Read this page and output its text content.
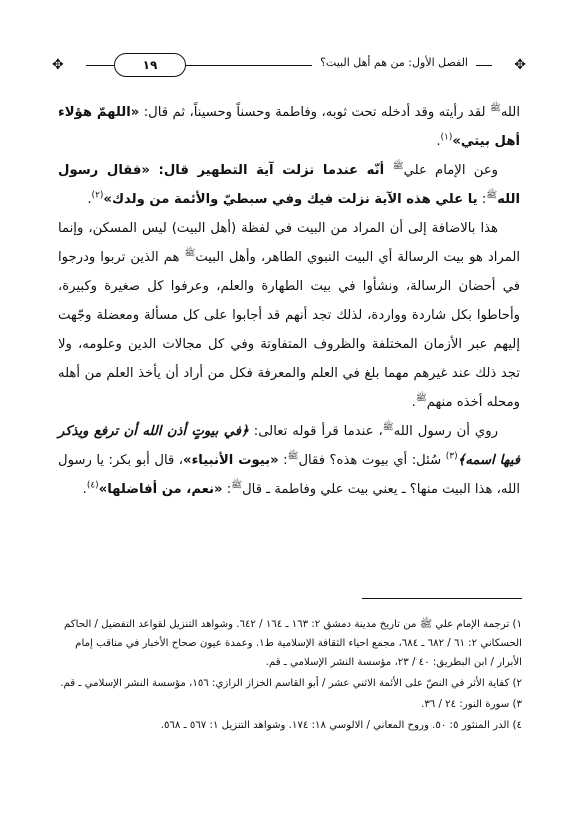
✥	✥
١٩	الفصل الأول: من هم أهل البيت؟

الله$^ﷺ$ لقد رأيته وقد أدخله تحت ثوبه، وفاطمة وحسناً وحسيناً، ثم قال: «اللهمّ هؤلاء أهل بيتي»$^{(١)}$.

وعن الإمام علي$^ﷺ$ أنّه عندما نزلت آية التطهير قال: «فقال رسول الله$^ﷺ$: يا علي هذه الآية نزلت فيك وفي سبطيّ والأئمة من ولدك»$^{(٢)}$.

هذا بالاضافة إلى أن المراد من البيت في لفظة (أهل البيت) ليس المسكن، وإنما المراد هو بيت الرسالة أي البيت النبوي الطاهر، وأهل البيت$^ﷺ$ هم الذين تربوا ودرجوا في أحضان الرسالة، ونشأوا في بيت الطهارة والعلم، وعرفوا كل صغيرة وكبيرة، وأحاطوا بكل شاردة وواردة، لذلك تجد أنهم قد أجابوا على كل مسألة ومعضلة وجّهت إليهم عبر الأزمان المختلفة والظروف المتفاوتة وفي كل مجالات الدين وعلومه، ولا تجد ذلك عند غيرهم مهما بلغ في العلم والمعرفة فكل من أراد أن يأخذ العلم من أهله ومحله أخذه منهم$^ﷺ$.

روي أن رسول الله$^ﷺ$، عندما قرأ قوله تعالى: ﴿في بيوتٍ أذن الله أن ترفع ويذكر فيها اسمه﴾$^{(٣)}$ سُئل: أي بيوت هذه؟ فقال$^ﷺ$: «بيوت الأنبياء»، قال أبو بكر: يا رسول الله، هذا البيت منها؟ ـ يعني بيت علي وفاطمة ـ قال$^ﷺ$: «نعم، من أفاضلها»$^{(٤)}$.

١) ترجمة الإمام علي ﷺ من تاريخ مدينة دمشق ٢: ١٦٣ ـ ١٦٤ / ٦٤٢. وشواهد التنزيل لقواعد التفضيل / الحاكم الحسكاني ٢: ٦١ / ٦٨٢ ـ ٦٨٤، مجمع احياء الثقافة الإسلامية ط١. وعمدة عيون صحاح الأخبار في مناقب إمام الأبرار / ابن البطريق: ٤٠ / ٢٣، مؤسسة النشر الإسلامي ـ قم.

٢) كفاية الأثر في النصّ على الأئمة الاثني عشر / أبو القاسم الخزاز الرازي: ١٥٦، مؤسسة النشر الإسلامي ـ قم.

٣) سورة النور: ٢٤ / ٣٦.

٤) الدر المنثور ٥: ٥٠. وروح المعاني / الالوسي ١٨: ١٧٤. وشواهد التنزيل ١: ٥٦٧ ـ ٥٦٨.
